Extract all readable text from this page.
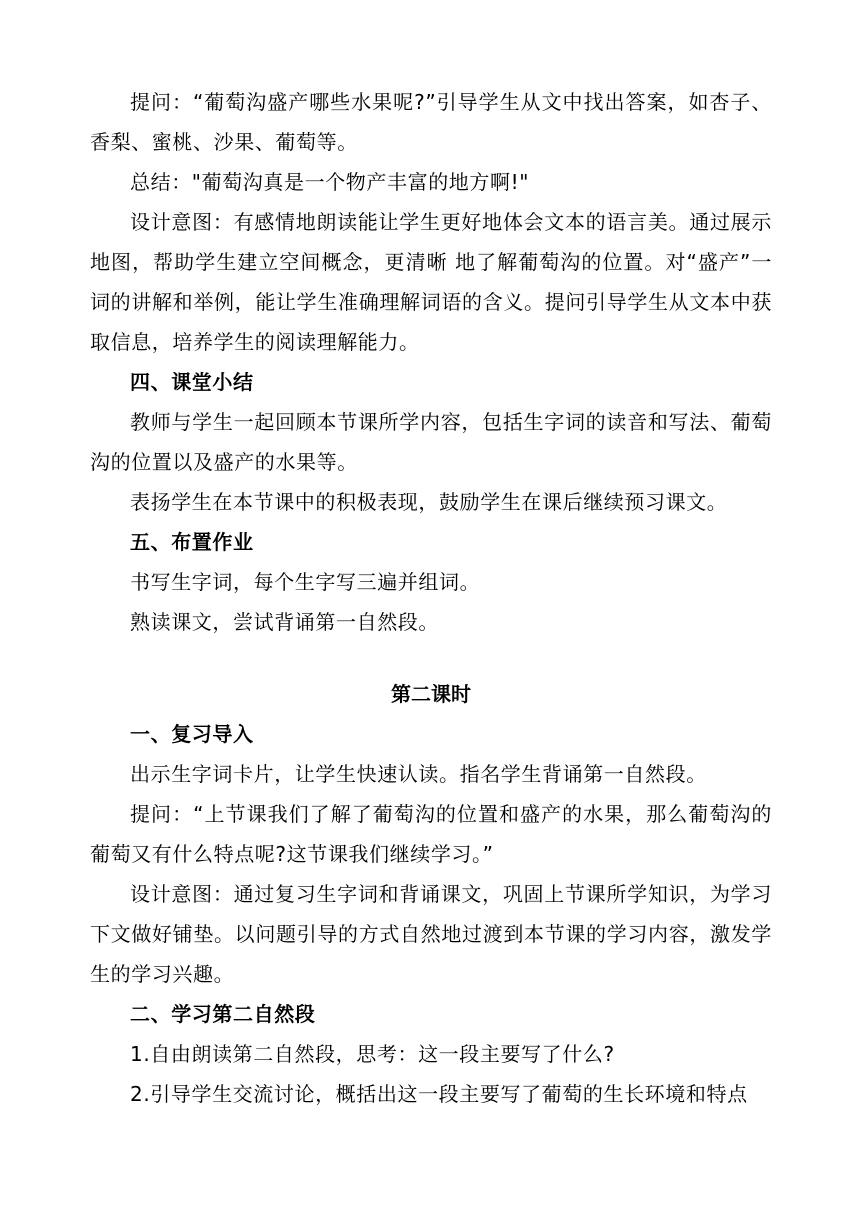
提问：“葡萄沟盛产哪些水果呢?”引导学生从文中找出答案，如杏子、香梨、蜜桃、沙果、葡萄等。

总结："葡萄沟真是一个物产丰富的地方啊!"

设计意图：有感情地朗读能让学生更好地体会文本的语言美。通过展示地图，帮助学生建立空间概念，更清晰 地了解葡萄沟的位置。对“盛产”一词的讲解和举例，能让学生准确理解词语的含义。提问引导学生从文本中获取信息，培养学生的阅读理解能力。

四、课堂小结

教师与学生一起回顾本节课所学内容，包括生字词的读音和写法、葡萄沟的位置以及盛产的水果等。

表扬学生在本节课中的积极表现，鼓励学生在课后继续预习课文。

五、布置作业

书写生字词，每个生字写三遍并组词。

熟读课文，尝试背诵第一自然段。

第二课时

一、复习导入

出示生字词卡片，让学生快速认读。指名学生背诵第一自然段。

提问：“上节课我们了解了葡萄沟的位置和盛产的水果，那么葡萄沟的葡萄又有什么特点呢?这节课我们继续学习。”

设计意图：通过复习生字词和背诵课文，巩固上节课所学知识，为学习下文做好铺垫。以问题引导的方式自然地过渡到本节课的学习内容，激发学生的学习兴趣。

二、学习第二自然段

1.自由朗读第二自然段，思考：这一段主要写了什么?

2.引导学生交流讨论，概括出这一段主要写了葡萄的生长环境和特点
